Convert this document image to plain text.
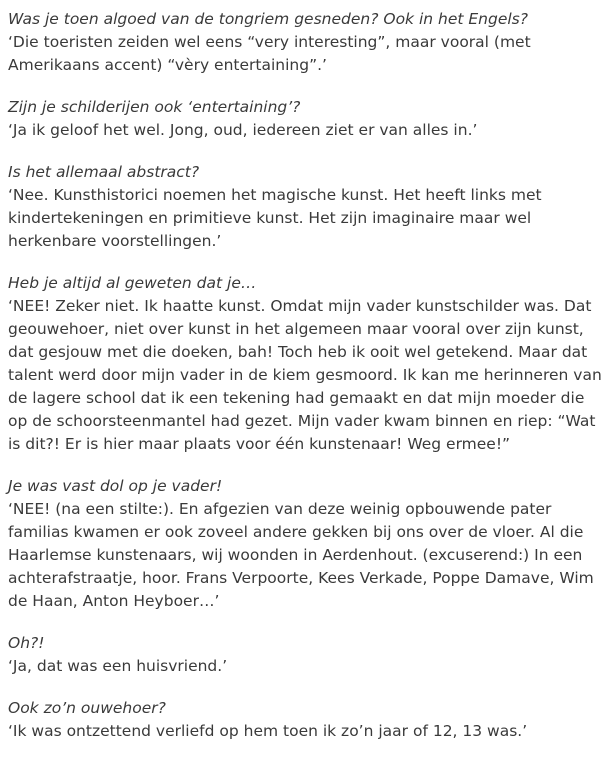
Was je toen algoed van de tongriem gesneden? Ook in het Engels?

‘Die toeristen zeiden wel eens “very interesting”, maar vooral (met Amerikaans accent) “vèry entertaining”.’

Zijn je schilderijen ook ‘entertaining’?

‘Ja ik geloof het wel. Jong, oud, iedereen ziet er van alles in.’

Is het allemaal abstract?

‘Nee. Kunsthistorici noemen het magische kunst. Het heeft links met kindertekeningen en primitieve kunst. Het zijn imaginaire maar wel herkenbare voorstellingen.’

Heb je altijd al geweten dat je…

‘NEE! Zeker niet. Ik haatte kunst. Omdat mijn vader kunstschilder was. Dat geouwehoer, niet over kunst in het algemeen maar vooral over zijn kunst, dat gesjouw met die doeken, bah! Toch heb ik ooit wel getekend. Maar dat talent werd door mijn vader in de kiem gesmoord. Ik kan me herinneren van de lagere school dat ik een tekening had gemaakt en dat mijn moeder die op de schoorsteenmantel had gezet. Mijn vader kwam binnen en riep: “Wat is dit?! Er is hier maar plaats voor één kunstenaar! Weg ermee!”

Je was vast dol op je vader!

‘NEE! (na een stilte:). En afgezien van deze weinig opbouwende pater familias kwamen er ook zoveel andere gekken bij ons over de vloer. Al die Haarlemse kunstenaars, wij woonden in Aerdenhout. (excuserend:) In een achterafstraatje, hoor. Frans Verpoorte, Kees Verkade, Poppe Damave, Wim de Haan, Anton Heyboer…’

Oh?!

‘Ja, dat was een huisvriend.’

Ook zo’n ouwehoer?

‘Ik was ontzettend verliefd op hem toen ik zo’n jaar of 12, 13 was.’
